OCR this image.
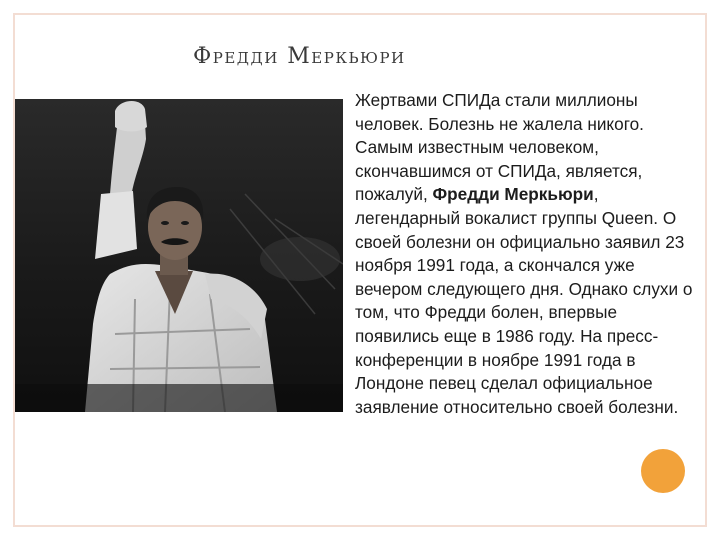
Фредди Меркьюри

Жертвами СПИДа стали миллионы человек. Болезнь не жалела никого. Самым известным человеком, скончавшимся от СПИДа, является, пожалуй, Фредди Меркьюри, легендарный вокалист группы Queen. О своей болезни он официально заявил 23 ноября 1991 года, а скончался уже вечером следующего дня. Однако слухи о том, что Фредди болен, впервые появились еще в 1986 году. На пресс-конференции в ноябре 1991 года в Лондоне певец сделал официальное заявление относительно своей болезни.
